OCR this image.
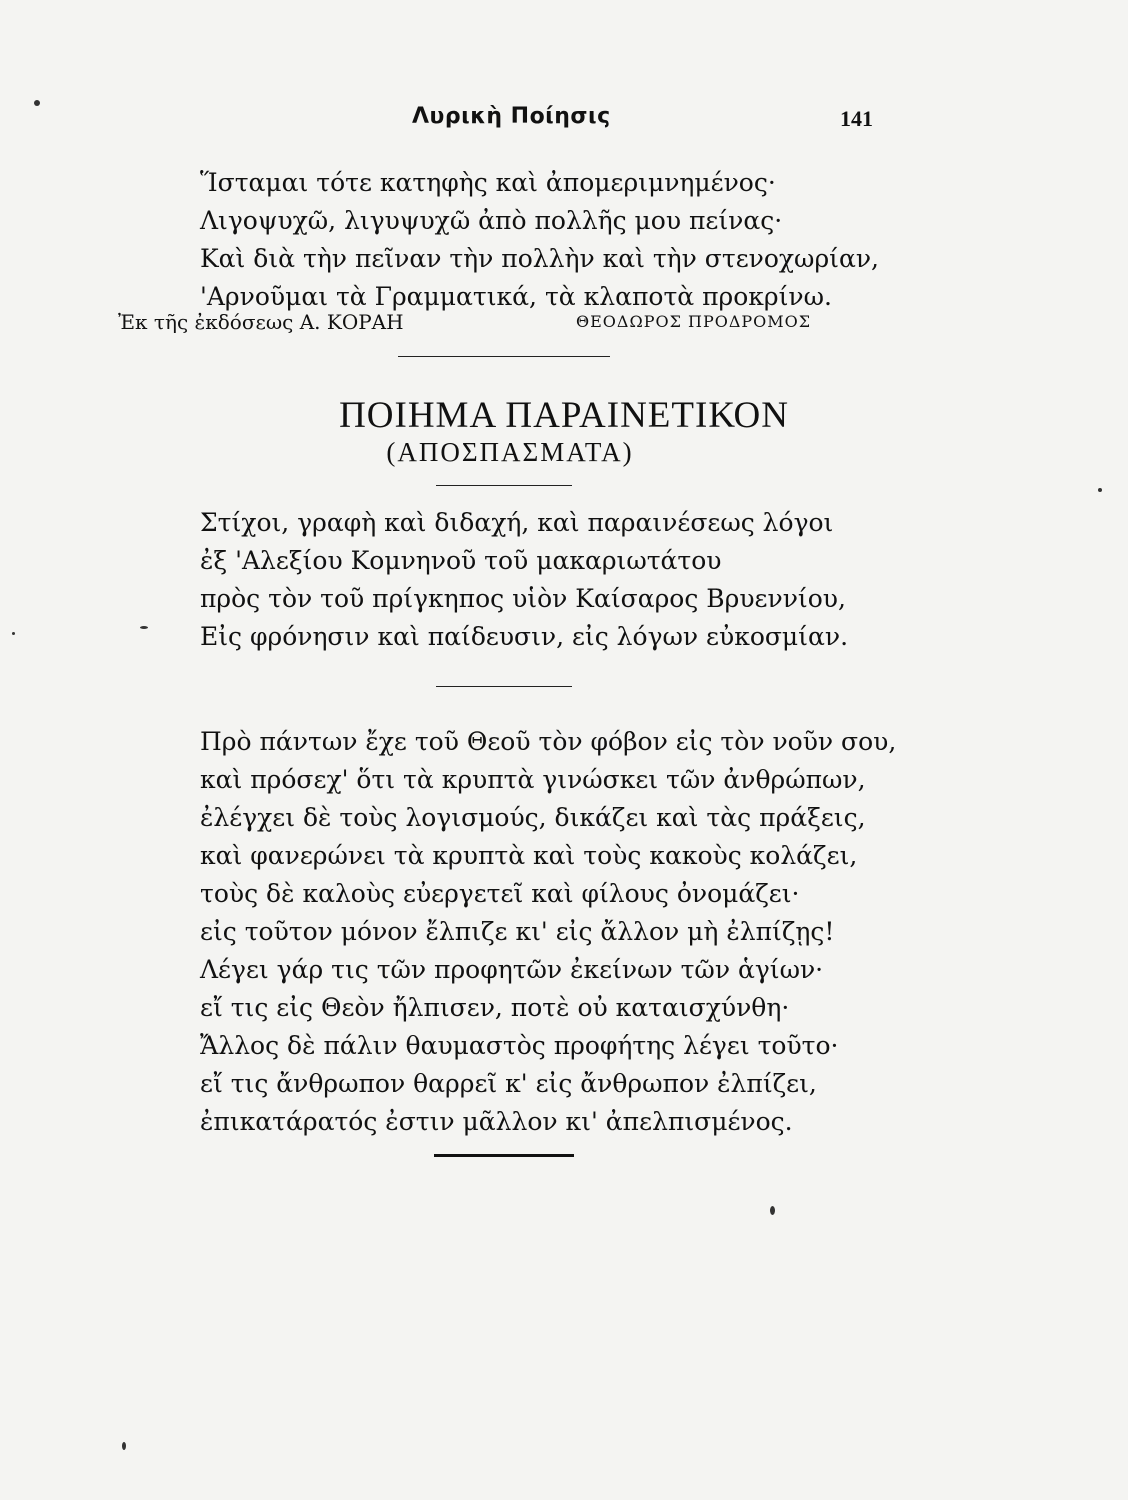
Λυρικὴ Ποίησις	141
Ἵσταμαι τότε κατηφὴς καὶ ἀπομεριμνημένος·
Λιγοψυχῶ, λιγυψυχῶ ἀπὸ πολλῆς μου πείνας·
Καὶ διὰ τὴν πεῖναν τὴν πολλὴν καὶ τὴν στενοχωρίαν,
'Αρνοῦμαι τὰ Γραμματικά, τὰ κλαποτὰ προκρίνω.
Ἐκ τῆς ἐκδόσεως Α. ΚΟΡΑΗ	ΘΕΟΔΩΡΟΣ ΠΡΟΔΡΟΜΟΣ
ΠΟΙΗΜΑ ΠΑΡΑΙΝΕΤΙΚΟΝ
(ΑΠΟΣΠΑΣΜΑΤΑ)
Στίχοι, γραφὴ καὶ διδαχή, καὶ παραινέσεως λόγοι
ἐξ 'Αλεξίου Κομνηνοῦ τοῦ μακαριωτάτου
πρὸς τὸν τοῦ πρίγκηπος υἱὸν Καίσαρος Βρυεννίου,
Εἰς φρόνησιν καὶ παίδευσιν, εἰς λόγων εὐκοσμίαν.
Πρὸ πάντων ἔχε τοῦ Θεοῦ τὸν φόβον εἰς τὸν νοῦν σου,
καὶ πρόσεχ' ὅτι τὰ κρυπτὰ γινώσκει τῶν ἀνθρώπων,
ἐλέγχει δὲ τοὺς λογισμούς, δικάζει καὶ τὰς πράξεις,
καὶ φανερώνει τὰ κρυπτὰ καὶ τοὺς κακοὺς κολάζει,
τοὺς δὲ καλοὺς εὐεργετεῖ καὶ φίλους ὀνομάζει·
εἰς τοῦτον μόνον ἔλπιζε κι' εἰς ἄλλον μὴ ἐλπίζῃς!
Λέγει γάρ τις τῶν προφητῶν ἐκείνων τῶν ἁγίων·
εἴ τις εἰς Θεὸν ἤλπισεν, ποτὲ οὐ καταισχύνθη·
Ἄλλος δὲ πάλιν θαυμαστὸς προφήτης λέγει τοῦτο·
εἴ τις ἄνθρωπον θαρρεῖ κ' εἰς ἄνθρωπον ἐλπίζει,
ἐπικατάρατός ἐστιν μᾶλλον κι' ἀπελπισμένος.
